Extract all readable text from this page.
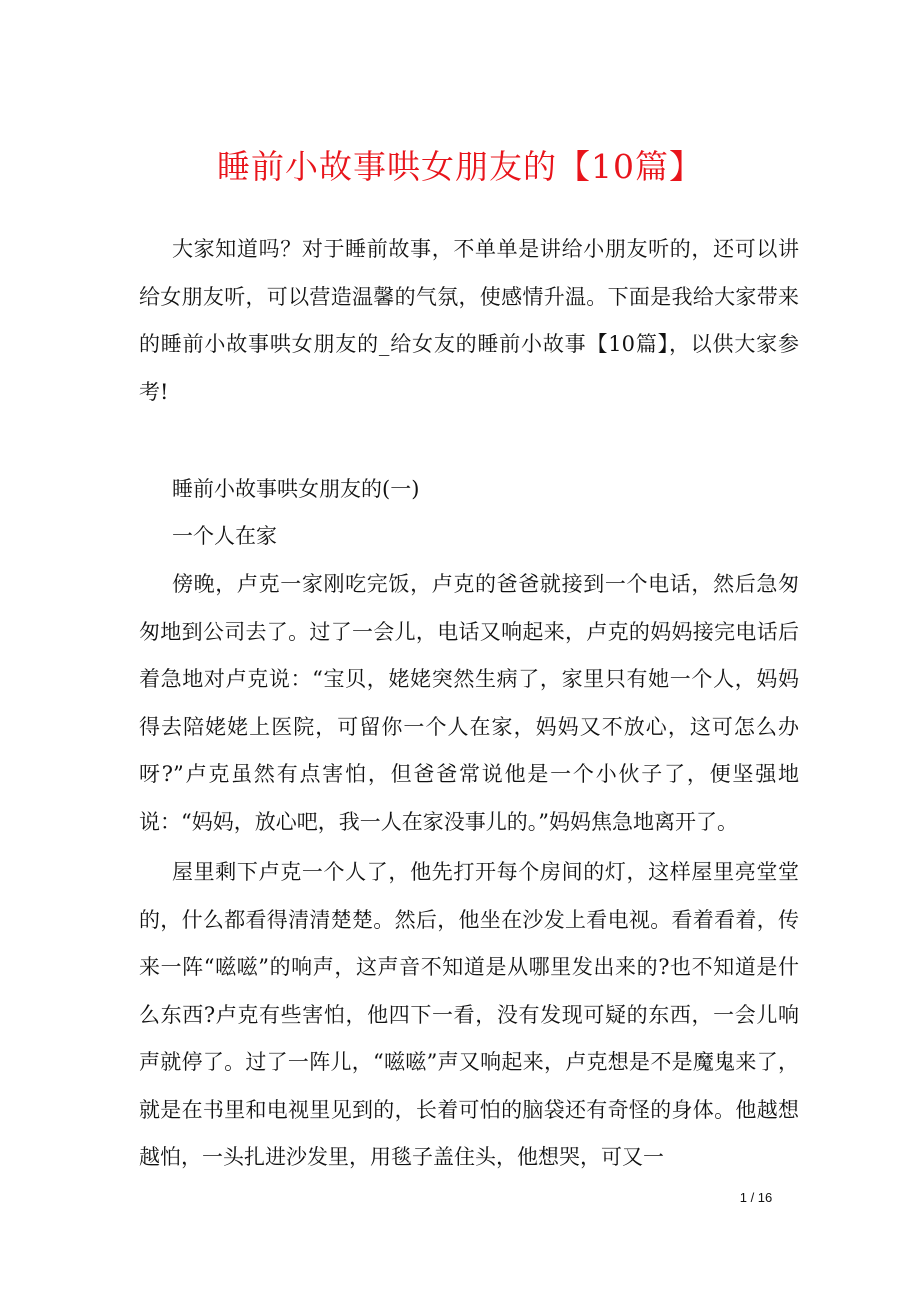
睡前小故事哄女朋友的【10篇】

大家知道吗？对于睡前故事，不单单是讲给小朋友听的，还可以讲给女朋友听，可以营造温馨的气氛，使感情升温。下面是我给大家带来的睡前小故事哄女朋友的_给女友的睡前小故事【10篇】，以供大家参考!

睡前小故事哄女朋友的(一)

一个人在家

傍晚，卢克一家刚吃完饭，卢克的爸爸就接到一个电话，然后急匆匆地到公司去了。过了一会儿，电话又响起来，卢克的妈妈接完电话后着急地对卢克说：“宝贝，姥姥突然生病了，家里只有她一个人，妈妈得去陪姥姥上医院，可留你一个人在家，妈妈又不放心，这可怎么办呀?”卢克虽然有点害怕，但爸爸常说他是一个小伙子了，便坚强地说：“妈妈，放心吧，我一人在家没事儿的。”妈妈焦急地离开了。

屋里剩下卢克一个人了，他先打开每个房间的灯，这样屋里亮堂堂的，什么都看得清清楚楚。然后，他坐在沙发上看电视。看着看着，传来一阵“嗞嗞”的响声，这声音不知道是从哪里发出来的?也不知道是什么东西?卢克有些害怕，他四下一看，没有发现可疑的东西，一会儿响声就停了。过了一阵儿，“嗞嗞”声又响起来，卢克想是不是魔鬼来了，就是在书里和电视里见到的，长着可怕的脑袋还有奇怪的身体。他越想越怕，一头扎进沙发里，用毯子盖住头，他想哭，可又一

1 / 16
